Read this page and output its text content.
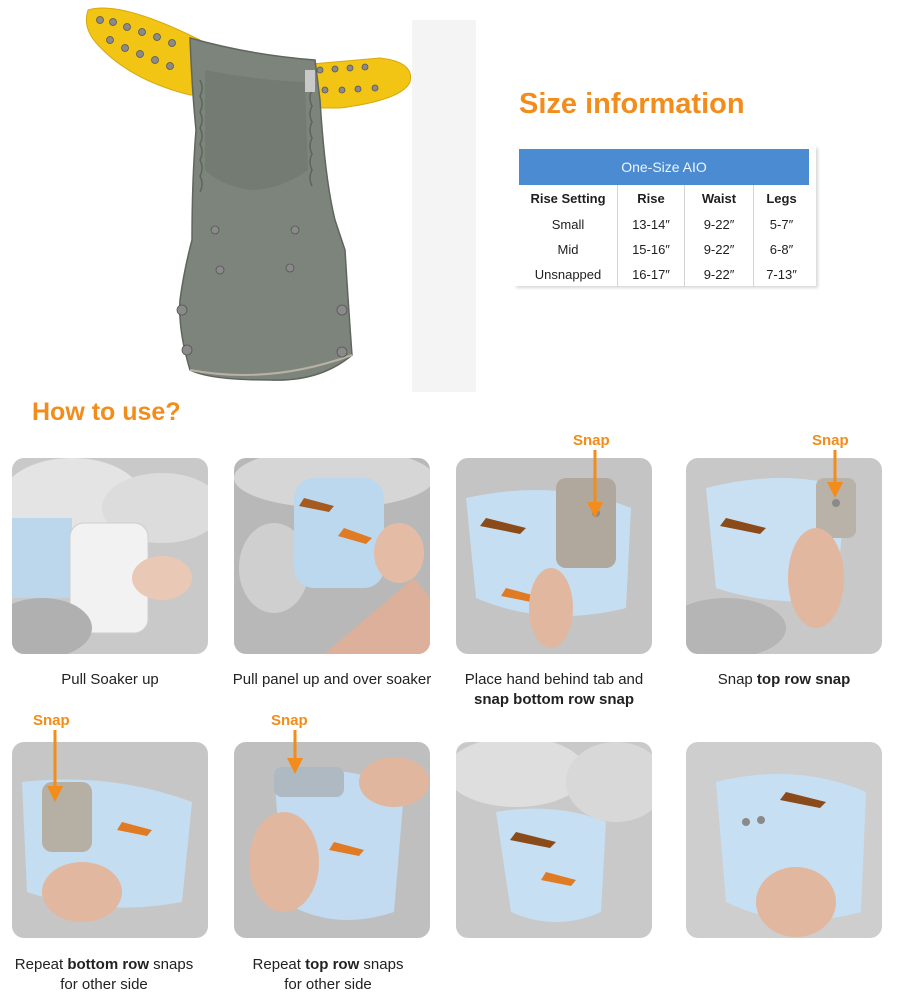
Size information
One-Size AIO			
Rise Setting	Rise	Waist	Legs
Small	13-14″	9-22″	5-7″
Mid	15-16″	9-22″	6-8″
Unsnapped	16-17″	9-22″	7-13″
How to use?
Pull Soaker up	Pull panel up and over soaker	Place hand behind tab and
snap bottom row snap
Snap top row snap
Snap	Snap
Repeat bottom row snaps
for other side
Repeat top row snaps
for other side
Snap	Snap
